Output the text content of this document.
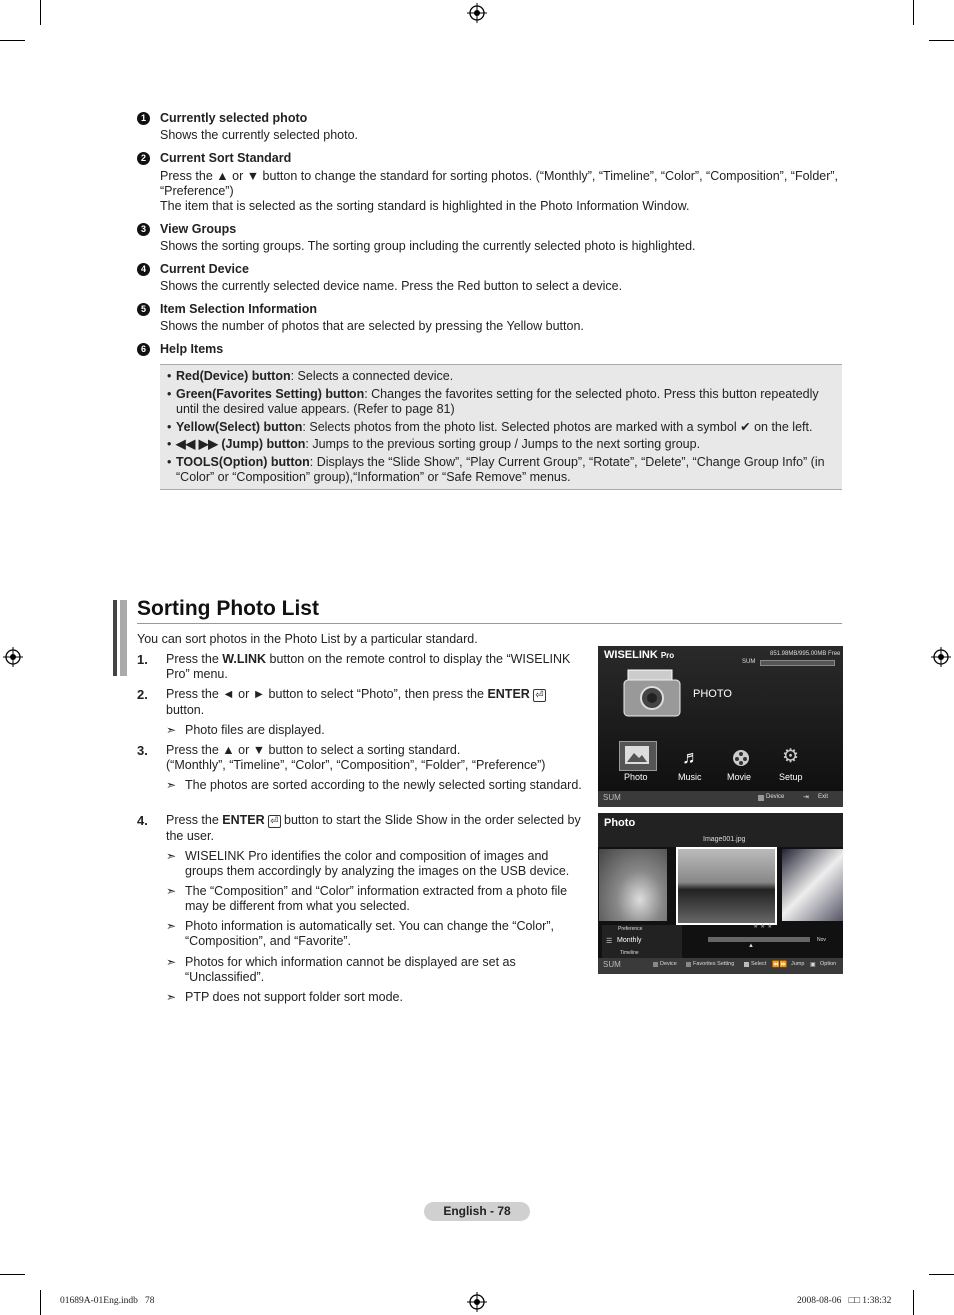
1	Currently selected photo
Shows the currently selected photo.
2	Current Sort Standard
Press the ▲ or ▼ button to change the standard for sorting photos. (“Monthly”, “Timeline”, “Color”, “Composition”, “Folder”, “Preference”)
The item that is selected as the sorting standard is highlighted in the Photo Information Window.
3	View Groups
Shows the sorting groups. The sorting group including the currently selected photo is highlighted.
4	Current Device
Shows the currently selected device name. Press the Red button to select a device.
5	Item Selection Information
Shows the number of photos that are selected by pressing the Yellow button.
6	Help Items
• Red(Device) button: Selects a connected device.
• Green(Favorites Setting) button: Changes the favorites setting for the selected photo. Press this button repeatedly until the desired value appears. (Refer to page 81)
• Yellow(Select) button: Selects photos from the photo list. Selected photos are marked with a symbol ✔ on the left.
• ◀◀ ▶▶ (Jump) button: Jumps to the previous sorting group / Jumps to the next sorting group.
• TOOLS(Option) button: Displays the “Slide Show”, “Play Current Group”, “Rotate”, “Delete”, “Change Group Info” (in “Color” or “Composition” group),“Information” or “Safe Remove” menus.
Sorting Photo List
You can sort photos in the Photo List by a particular standard.
1. Press the W.LINK button on the remote control to display the “WISELINK Pro” menu.
2. Press the ◄ or ► button to select “Photo”, then press the ENTER ⏎ button.
➣ Photo files are displayed.
3. Press the ▲ or ▼ button to select a sorting standard.
(“Monthly”, “Timeline”, “Color”, “Composition”, “Folder”, “Preference”)
➣ The photos are sorted according to the newly selected sorting standard.
4. Press the ENTER ⏎ button to start the Slide Show in the order selected by the user.
➣ WISELINK Pro identifies the color and composition of images and groups them accordingly by analyzing the images on the USB device.
➣ The “Composition” and “Color” information extracted from a photo file may be different from what you selected.
➣ Photo information is automatically set. You can change the “Color”, “Composition”, and “Favorite”.
➣ Photos for which information cannot be displayed are set as “Unclassified”.
➣ PTP does not support folder sort mode.
WISELINK Pro	851.98MB/995.00MB Free
SUM
PHOTO
Photo
♬
Music	Movie
⚙
Setup
SUM	Device	⇥ Exit
Photo
Image001.jpg
★ ★ ★
Preference
☰ Monthly
Timeline
Nov
▲
SUM	Device	Favorites Setting	Select ⏪⏩ Jump ▣ Option
English - 78
01689A-01Eng.indb   78	2008-08-06   □□ 1:38:32
